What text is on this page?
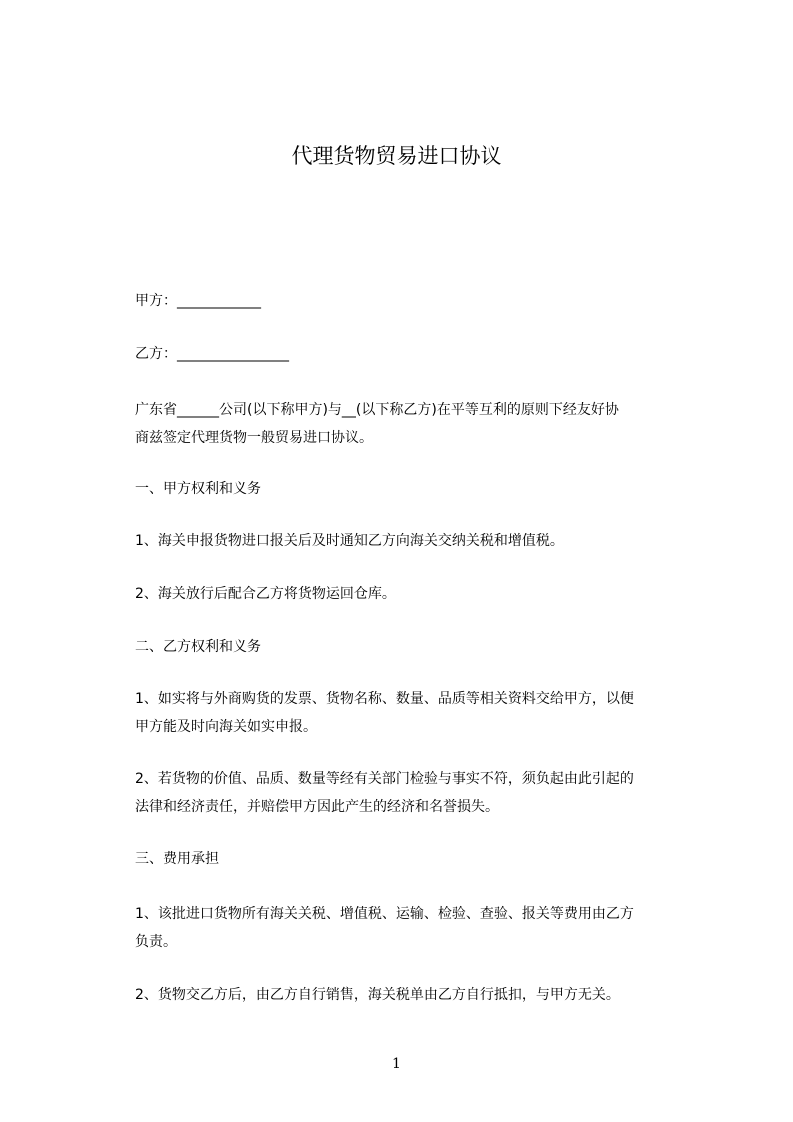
代理货物贸易进口协议
甲方：____________
乙方：________________
广东省______公司(以下称甲方)与__(以下称乙方)在平等互利的原则下经友好协
商兹签定代理货物一般贸易进口协议。
一、甲方权利和义务
1、海关申报货物进口报关后及时通知乙方向海关交纳关税和增值税。
2、海关放行后配合乙方将货物运回仓库。
二、乙方权利和义务
1、如实将与外商购货的发票、货物名称、数量、品质等相关资料交给甲方，以便
甲方能及时向海关如实申报。
2、若货物的价值、品质、数量等经有关部门检验与事实不符，须负起由此引起的
法律和经济责任，并赔偿甲方因此产生的经济和名誉损失。
三、费用承担
1、该批进口货物所有海关关税、增值税、运输、检验、查验、报关等费用由乙方
负责。
2、货物交乙方后，由乙方自行销售，海关税单由乙方自行抵扣，与甲方无关。
1
